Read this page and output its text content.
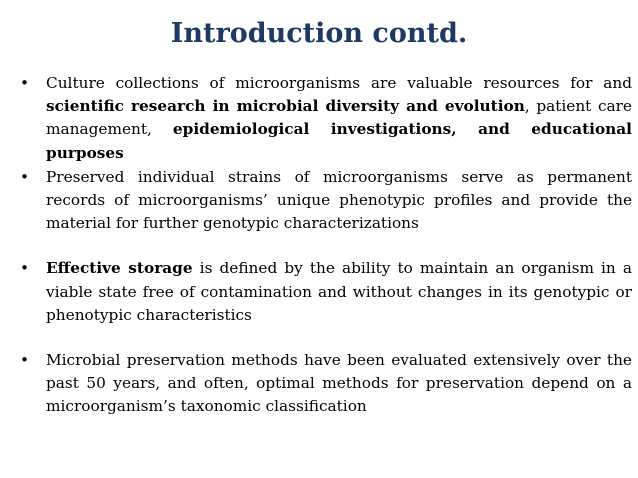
Introduction contd.
• Culture collections of microorganisms are valuable resources for and scientific research in microbial diversity and evolution, patient care management, epidemiological investigations, and educational purposes
• Preserved individual strains of microorganisms serve as permanent records of microorganisms’ unique phenotypic profiles and provide the material for further genotypic characterizations
• Effective storage is defined by the ability to maintain an organism in a viable state free of contamination and without changes in its genotypic or phenotypic characteristics
• Microbial preservation methods have been evaluated extensively over the past 50 years, and often, optimal methods for preservation depend on a microorganism’s taxonomic classification
